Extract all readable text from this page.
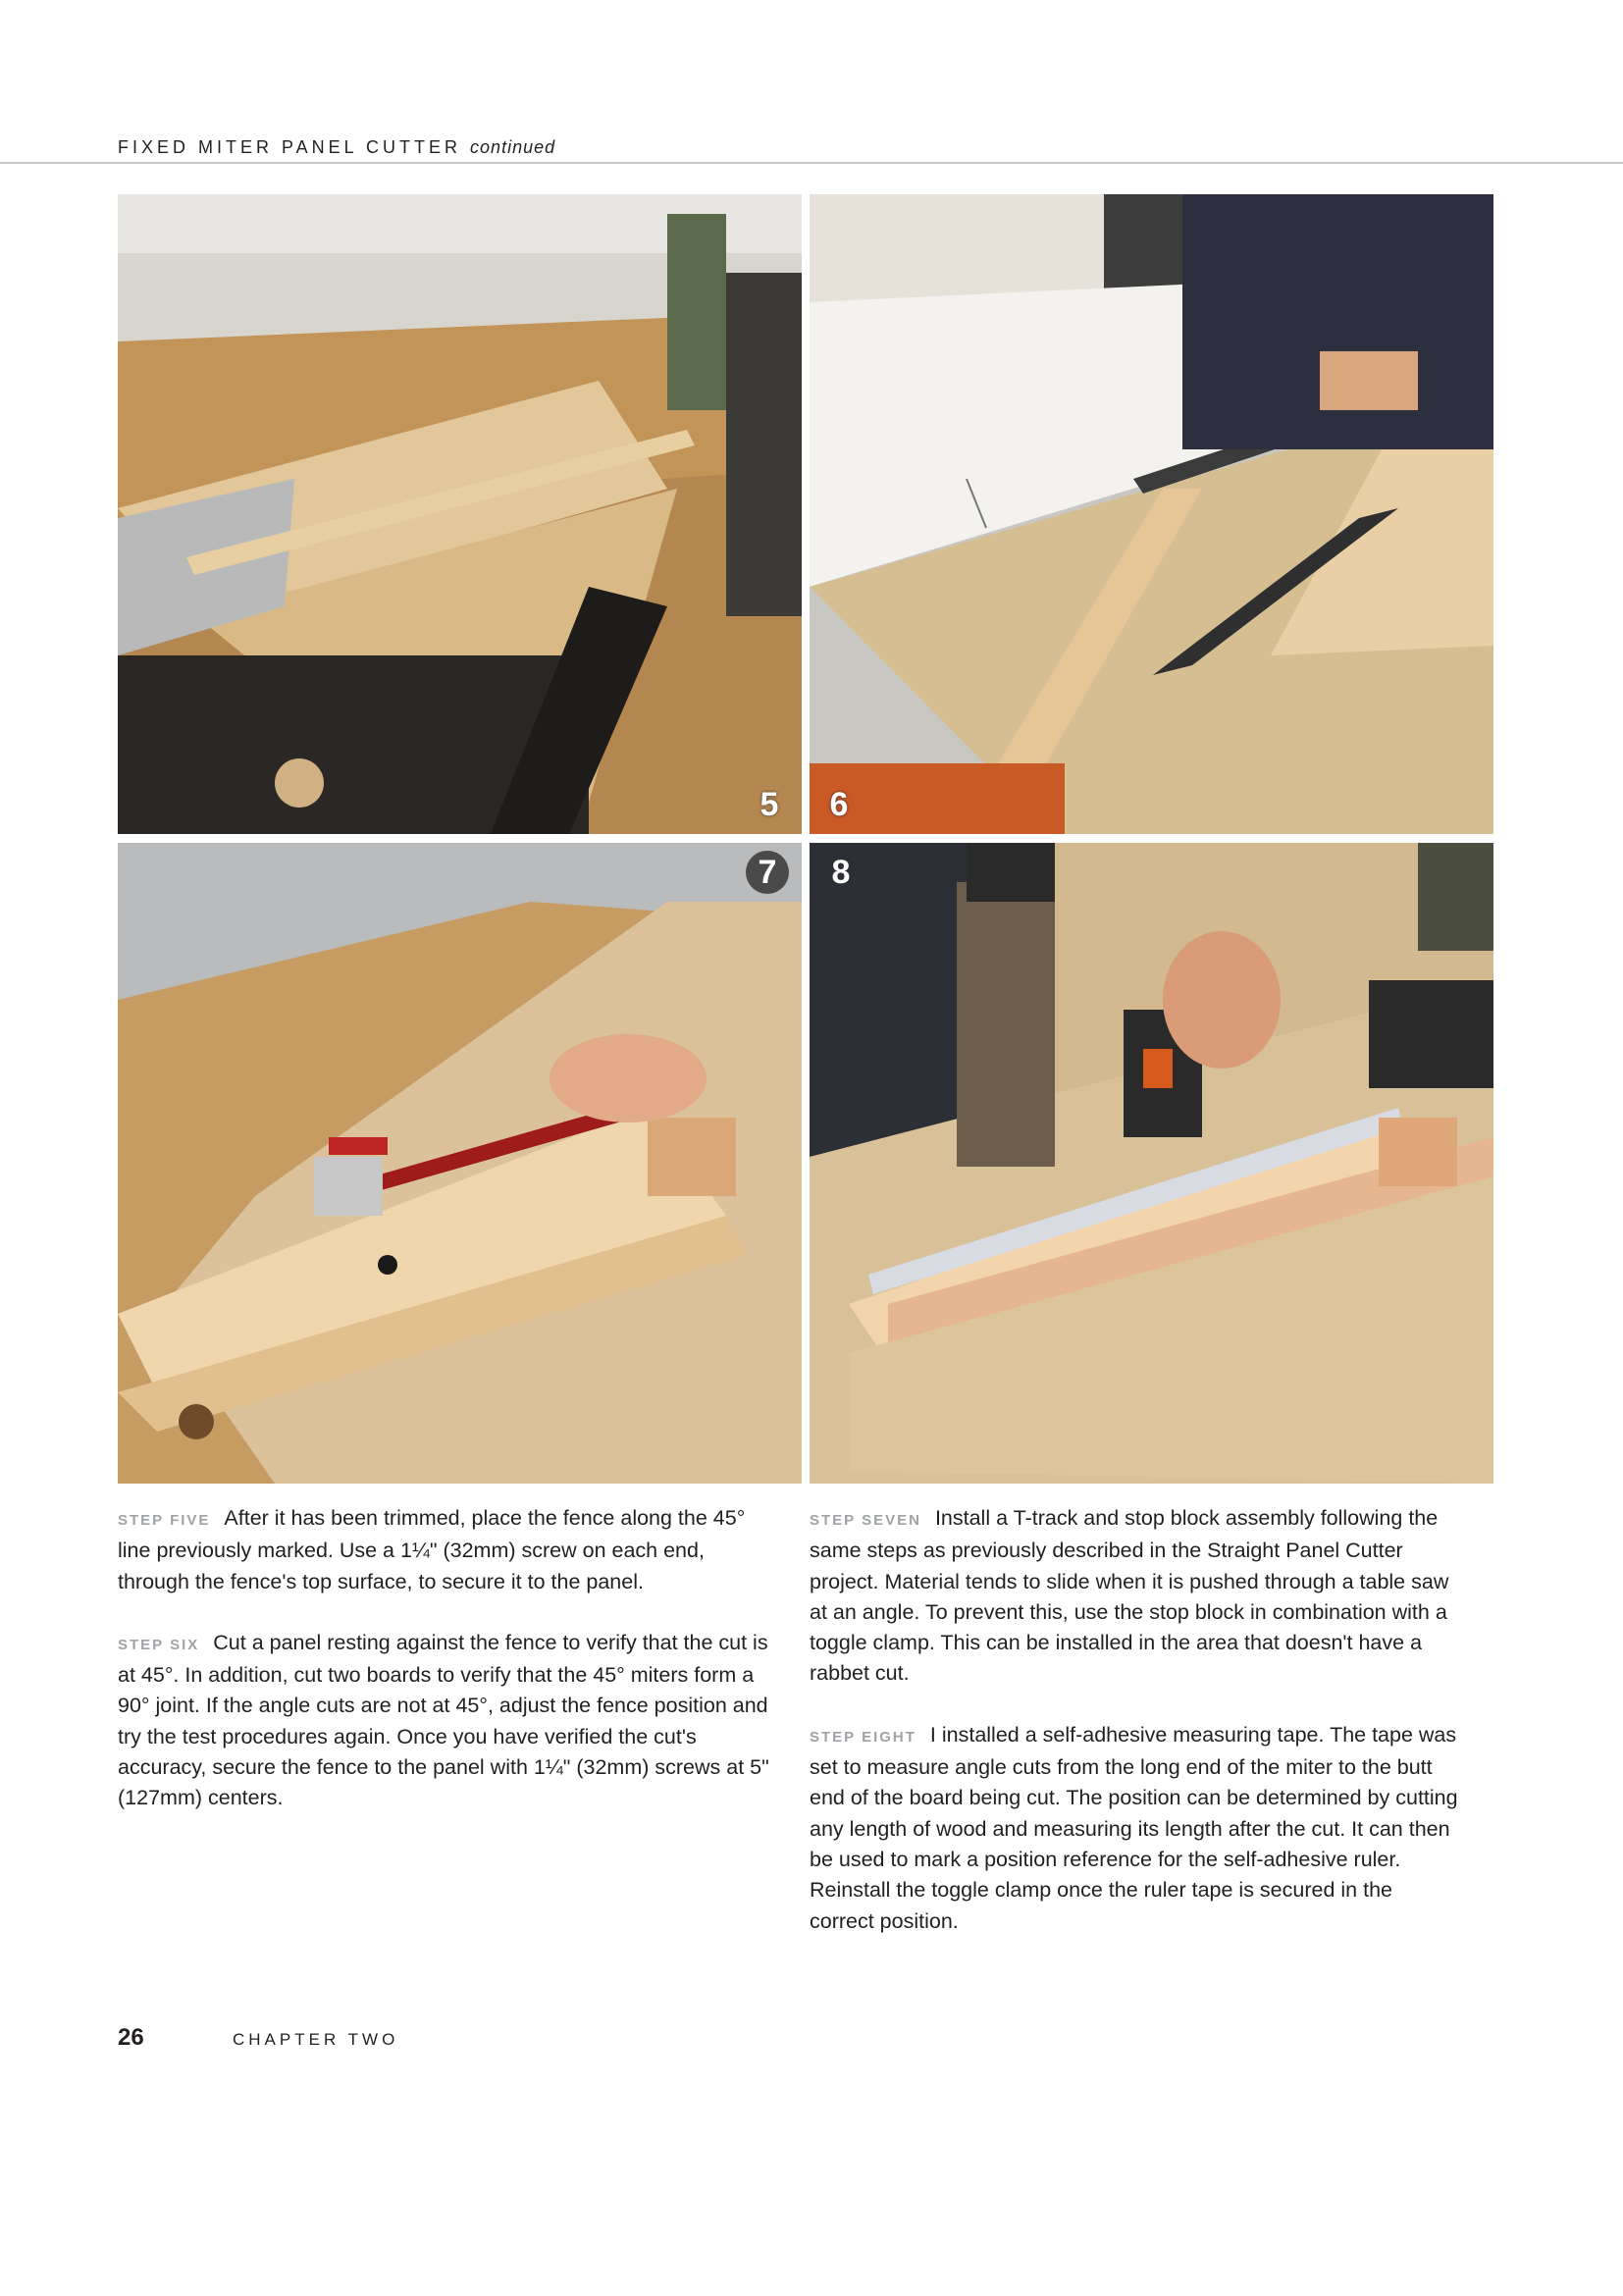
FIXED MITER PANEL CUTTER continued
5	6
7	8

STEP FIVE After it has been trimmed, place the fence along the 45° line previously marked. Use a 1¼" (32mm) screw on each end, through the fence's top surface, to secure it to the panel.

STEP SIX Cut a panel resting against the fence to verify that the cut is at 45°. In addition, cut two boards to verify that the 45° miters form a 90° joint. If the angle cuts are not at 45°, adjust the fence position and try the test procedures again. Once you have verified the cut's accuracy, secure the fence to the panel with 1¼" (32mm) screws at 5" (127mm) centers.

STEP SEVEN Install a T-track and stop block assembly following the same steps as previously described in the Straight Panel Cutter project. Material tends to slide when it is pushed through a table saw at an angle. To prevent this, use the stop block in combination with a toggle clamp. This can be installed in the area that doesn't have a rabbet cut.

STEP EIGHT I installed a self-adhesive measuring tape. The tape was set to measure angle cuts from the long end of the miter to the butt end of the board being cut. The position can be determined by cutting any length of wood and measuring its length after the cut. It can then be used to mark a position reference for the self-adhesive ruler. Reinstall the toggle clamp once the ruler tape is secured in the correct position.

26	CHAPTER TWO
